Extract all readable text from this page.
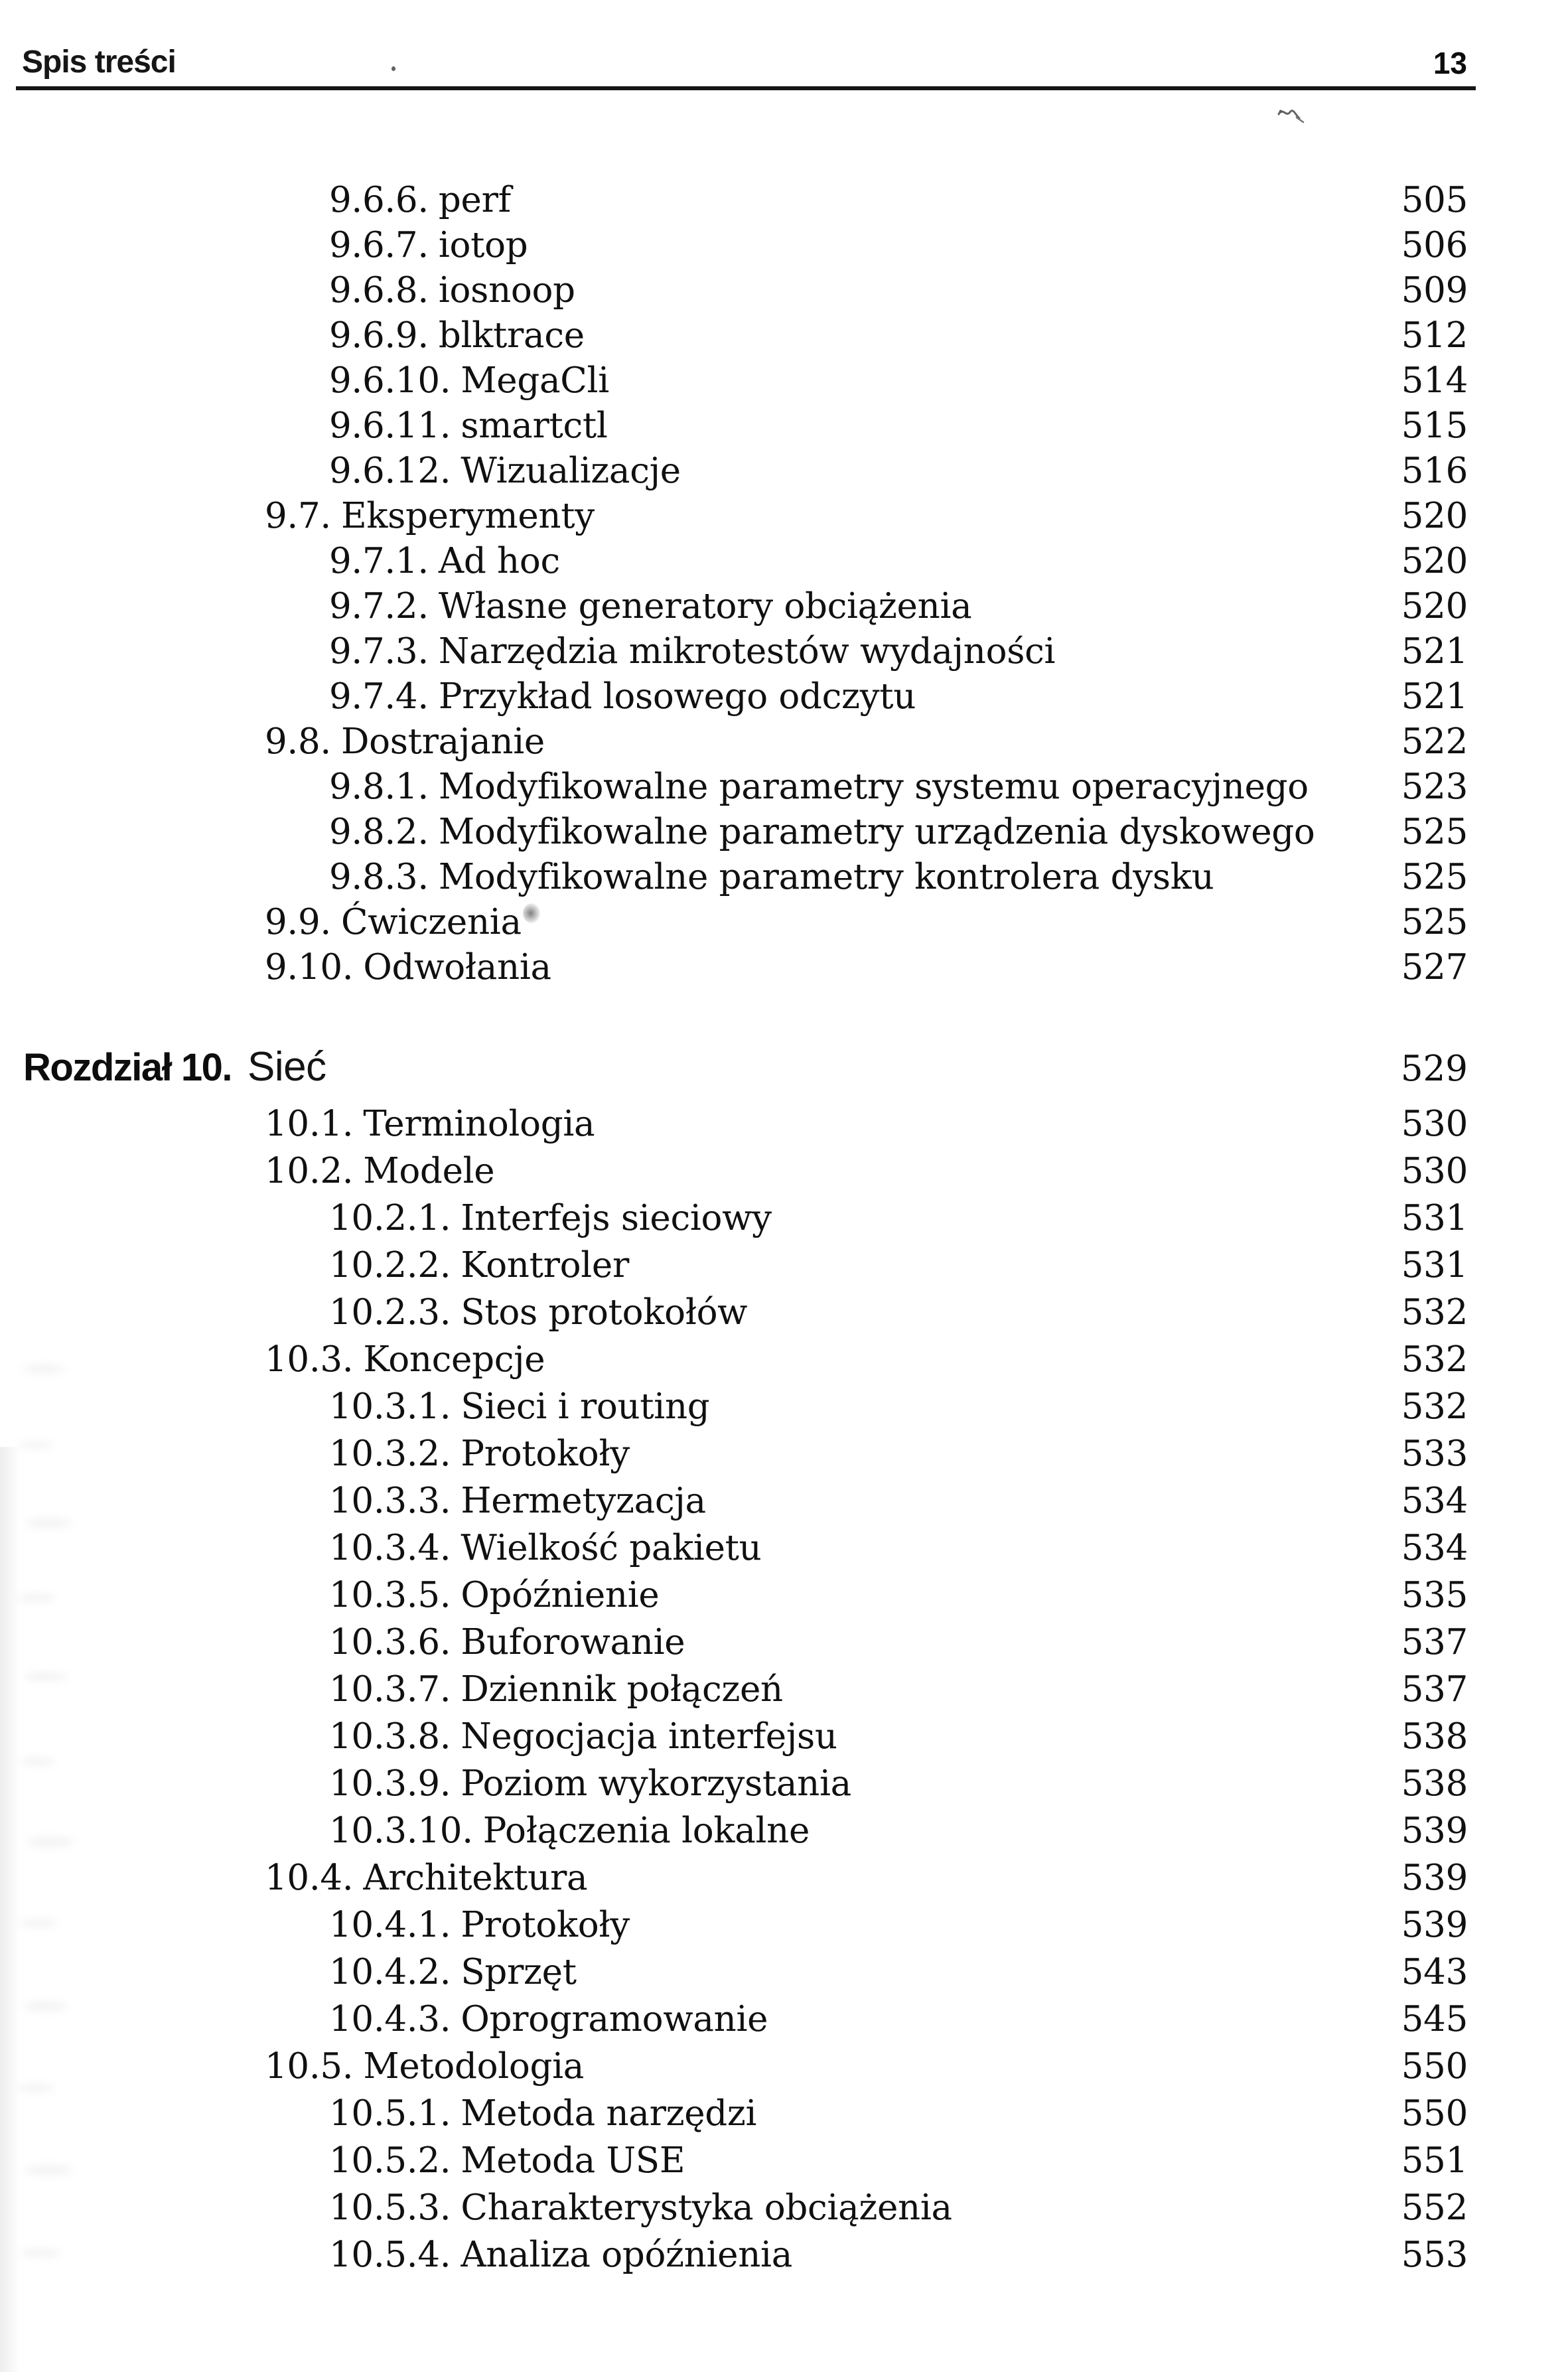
Spis treści	13
9.6.6. perf	505
9.6.7. iotop	506
9.6.8. iosnoop	509
9.6.9. blktrace	512
9.6.10. MegaCli	514
9.6.11. smartctl	515
9.6.12. Wizualizacje	516
9.7. Eksperymenty	520
9.7.1. Ad hoc	520
9.7.2. Własne generatory obciążenia	520
9.7.3. Narzędzia mikrotestów wydajności	521
9.7.4. Przykład losowego odczytu	521
9.8. Dostrajanie	522
9.8.1. Modyfikowalne parametry systemu operacyjnego	523
9.8.2. Modyfikowalne parametry urządzenia dyskowego 525
9.8.3. Modyfikowalne parametry kontrolera dysku	525
9.9. Ćwiczenia	525
9.10. Odwołania	527
Rozdział 10. Sieć	529
10.1. Terminologia	530
10.2. Modele	530
10.2.1. Interfejs sieciowy	531
10.2.2. Kontroler	531
10.2.3. Stos protokołów	532
10.3. Koncepcje	532
10.3.1. Sieci i routing	532
10.3.2. Protokoły	533
10.3.3. Hermetyzacja	534
10.3.4. Wielkość pakietu	534
10.3.5. Opóźnienie	535
10.3.6. Buforowanie	537
10.3.7. Dziennik połączeń	537
10.3.8. Negocjacja interfejsu	538
10.3.9. Poziom wykorzystania	538
10.3.10. Połączenia lokalne	539
10.4. Architektura	539
10.4.1. Protokoły	539
10.4.2. Sprzęt	543
10.4.3. Oprogramowanie	545
10.5. Metodologia	550
10.5.1. Metoda narzędzi	550
10.5.2. Metoda USE	551
10.5.3. Charakterystyka obciążenia	552
10.5.4. Analiza opóźnienia	553
